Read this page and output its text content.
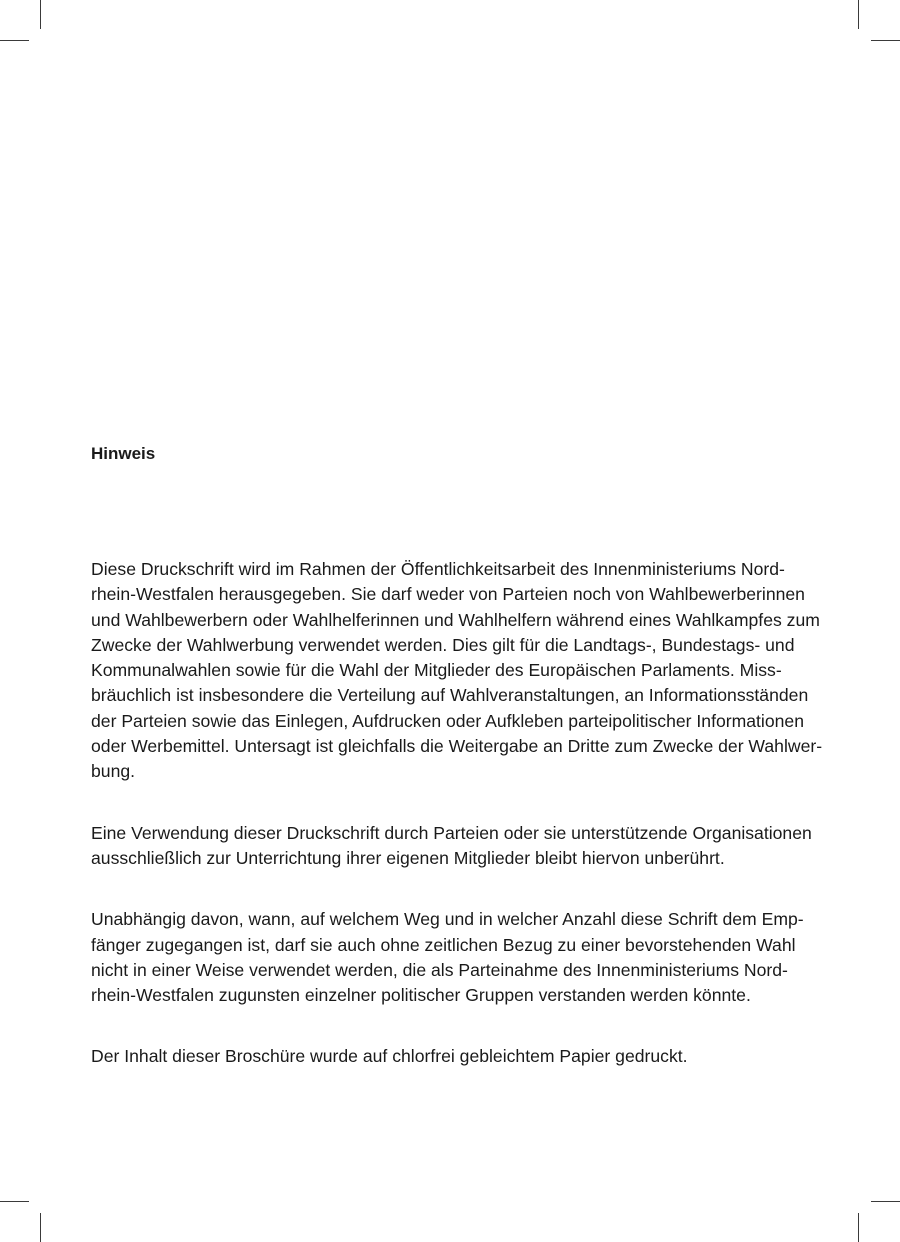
Hinweis

Diese Druckschrift wird im Rahmen der Öffentlichkeitsarbeit des Innenministeriums Nord-
rhein-Westfalen herausgegeben. Sie darf weder von Parteien noch von Wahlbewerberinnen
und Wahlbewerbern oder Wahlhelferinnen und Wahlhelfern während eines Wahlkampfes zum
Zwecke der Wahlwerbung verwendet werden. Dies gilt für die Landtags-, Bundestags- und
Kommunalwahlen sowie für die Wahl der Mitglieder des Europäischen Parlaments. Miss-
bräuchlich ist insbesondere die Verteilung auf Wahlveranstaltungen, an Informationsständen
der Parteien sowie das Einlegen, Aufdrucken oder Aufkleben parteipolitischer Informationen
oder Werbemittel. Untersagt ist gleichfalls die Weitergabe an Dritte zum Zwecke der Wahlwer-
bung.

Eine Verwendung dieser Druckschrift durch Parteien oder sie unterstützende Organisationen
ausschließlich zur Unterrichtung ihrer eigenen Mitglieder bleibt hiervon unberührt.

Unabhängig davon, wann, auf welchem Weg und in welcher Anzahl diese Schrift dem Emp-
fänger zugegangen ist, darf sie auch ohne zeitlichen Bezug zu einer bevorstehenden Wahl
nicht in einer Weise verwendet werden, die als Parteinahme des Innenministeriums Nord-
rhein-Westfalen zugunsten einzelner politischer Gruppen verstanden werden könnte.

Der Inhalt dieser Broschüre wurde auf chlorfrei gebleichtem Papier gedruckt.
